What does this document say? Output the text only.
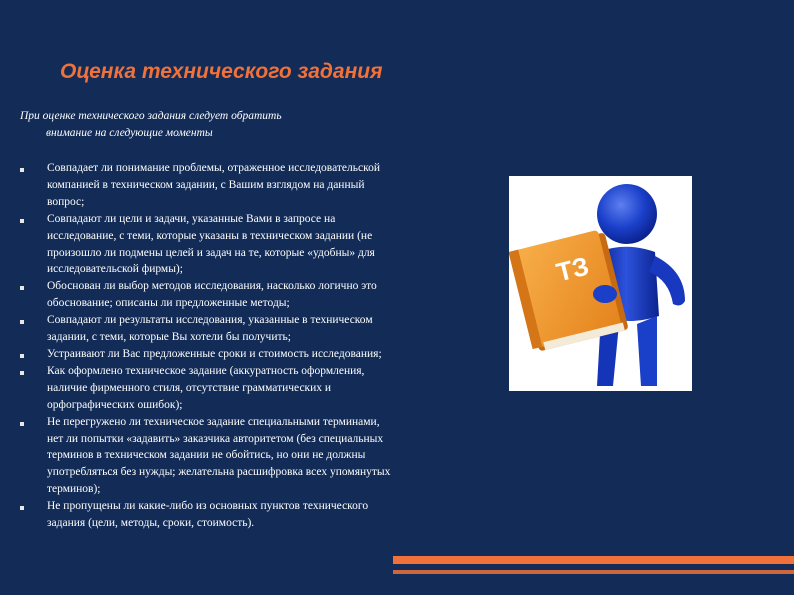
Оценка технического задания
При оценке технического задания следует обратить
внимание на следующие моменты
Совпадает ли понимание проблемы, отраженное исследовательской компанией в техническом задании, с Вашим взглядом на данный вопрос;
Совпадают ли цели и задачи, указанные Вами в запросе на исследование, с теми, которые указаны в техническом задании (не произошло ли подмены целей и задач на те, которые «удобны» для исследовательской фирмы);
Обоснован ли выбор методов исследования, насколько логично это обоснование; описаны ли предложенные методы;
Совпадают ли результаты исследования, указанные в техническом задании, с теми, которые Вы хотели бы получить;
Устраивают ли Вас предложенные сроки и стоимость исследования;
Как оформлено техническое задание (аккуратность оформления, наличие фирменного стиля, отсутствие грамматических и орфографических ошибок);
Не перегружено ли техническое задание специальными терминами, нет ли попытки «задавить» заказчика авторитетом (без специальных терминов в техническом задании не обойтись, но они не должны употребляться без нужды; желательна расшифровка всех упомянутых терминов);
Не пропущены ли какие-либо из основных пунктов технического задания (цели, методы, сроки, стоимость).
ТЗ
